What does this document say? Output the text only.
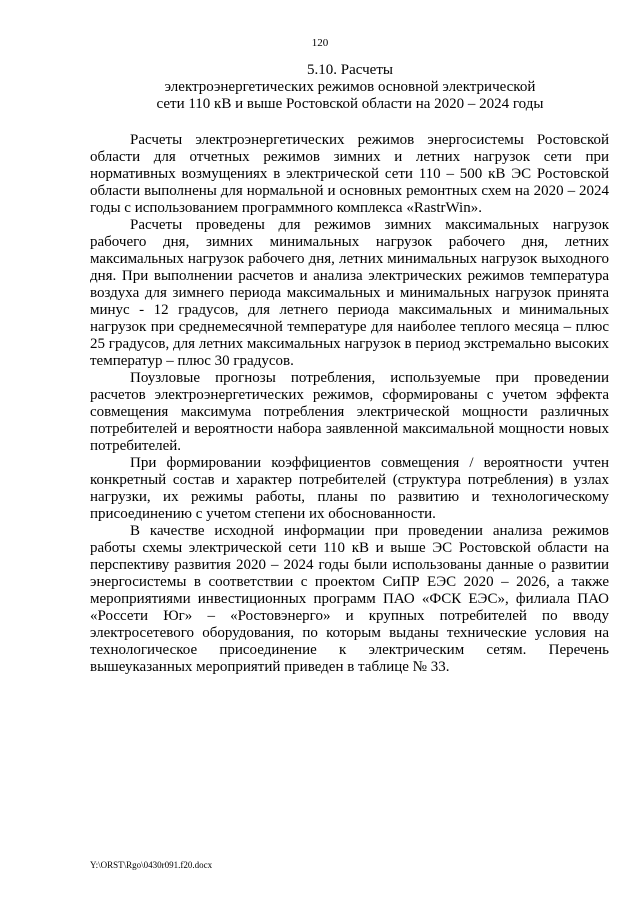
120
5.10. Расчеты
электроэнергетических режимов основной электрической
сети 110 кВ и выше Ростовской области на 2020 – 2024 годы

Расчеты электроэнергетических режимов энергосистемы Ростовской области для отчетных режимов зимних и летних нагрузок сети при нормативных возмущениях в электрической сети 110 – 500 кВ ЭС Ростовской области выполнены для нормальной и основных ремонтных схем на 2020 – 2024 годы с использованием программного комплекса «RastrWin».

Расчеты проведены для режимов зимних максимальных нагрузок рабочего дня, зимних минимальных нагрузок рабочего дня, летних максимальных нагрузок рабочего дня, летних минимальных нагрузок выходного дня. При выполнении расчетов и анализа электрических режимов температура воздуха для зимнего периода максимальных и минимальных нагрузок принята минус - 12 градусов, для летнего периода максимальных и минимальных нагрузок при среднемесячной температуре для наиболее теплого месяца – плюс 25 градусов, для летних максимальных нагрузок в период экстремально высоких температур – плюс 30 градусов.

Поузловые прогнозы потребления, используемые при проведении расчетов электроэнергетических режимов, сформированы с учетом эффекта совмещения максимума потребления электрической мощности различных потребителей и вероятности набора заявленной максимальной мощности новых потребителей.

При формировании коэффициентов совмещения / вероятности учтен конкретный состав и характер потребителей (структура потребления) в узлах нагрузки, их режимы работы, планы по развитию и технологическому присоединению с учетом степени их обоснованности.

В качестве исходной информации при проведении анализа режимов работы схемы электрической сети 110 кВ и выше ЭС Ростовской области на перспективу развития 2020 – 2024 годы были использованы данные о развитии энергосистемы в соответствии с проектом СиПР ЕЭС 2020 – 2026, а также мероприятиями инвестиционных программ ПАО «ФСК ЕЭС», филиала ПАО «Россети Юг» – «Ростовэнерго» и крупных потребителей по вводу электросетевого оборудования, по которым выданы технические условия на технологическое присоединение к электрическим сетям. Перечень вышеуказанных мероприятий приведен в таблице № 33.

Y:\ORST\Rgo\0430r091.f20.docx
